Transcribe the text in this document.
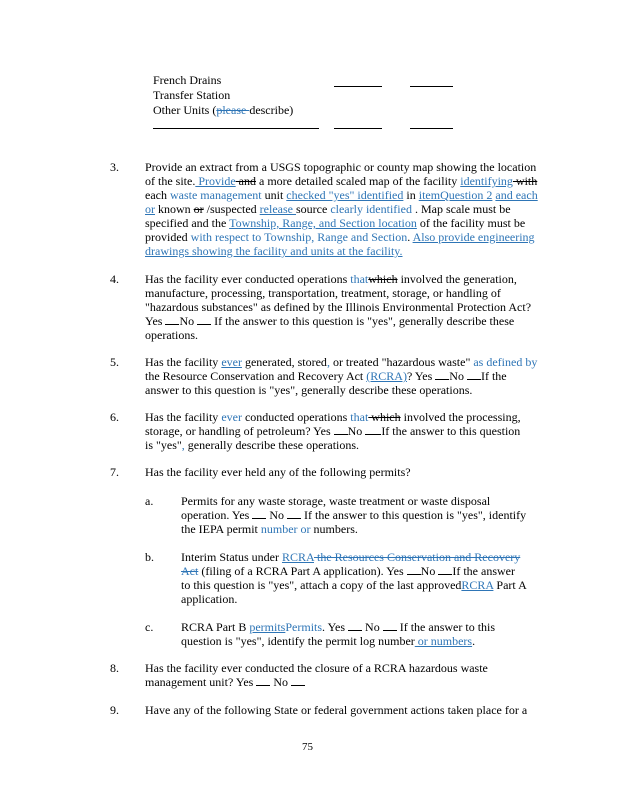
French Drains
Transfer Station
Other Units (please describe)
3. Provide an extract from a USGS topographic or county map showing the location
of the site. Provide and a more detailed scaled map of the facility identifying with
each waste management unit checked "yes" identified in itemQuestion 2 and each
or known or /suspected release source clearly identified . Map scale must be
specified and the Township, Range, and Section location of the facility must be
provided with respect to Township, Range and Section. Also provide engineering
drawings showing the facility and units at the facility.
4. Has the facility ever conducted operations thatwhich involved the generation,
manufacture, processing, transportation, treatment, storage, or handling of
"hazardous substances" as defined by the Illinois Environmental Protection Act?
Yes No  If the answer to this question is "yes", generally describe these
operations.
5. Has the facility ever generated, stored, or treated "hazardous waste" as defined by
the Resource Conservation and Recovery Act (RCRA)? Yes No If the
answer to this question is "yes", generally describe these operations.
6. Has the facility ever conducted operations that which involved the processing,
storage, or handling of petroleum? Yes No If the answer to this question
is "yes", generally describe these operations.
7. Has the facility ever held any of the following permits?
a. Permits for any waste storage, waste treatment or waste disposal
operation. Yes  No  If the answer to this question is "yes", identify
the IEPA permit number or numbers.
b. Interim Status under RCRA the Resources Conservation and Recovery
Act (filing of a RCRA Part A application). Yes No If the answer
to this question is "yes", attach a copy of the last approvedRCRA Part A
application.
c. RCRA Part B permitsPermits. Yes  No  If the answer to this
question is "yes", identify the permit log number or numbers.
8. Has the facility ever conducted the closure of a RCRA hazardous waste
management unit? Yes  No
9. Have any of the following State or federal government actions taken place for a
75
